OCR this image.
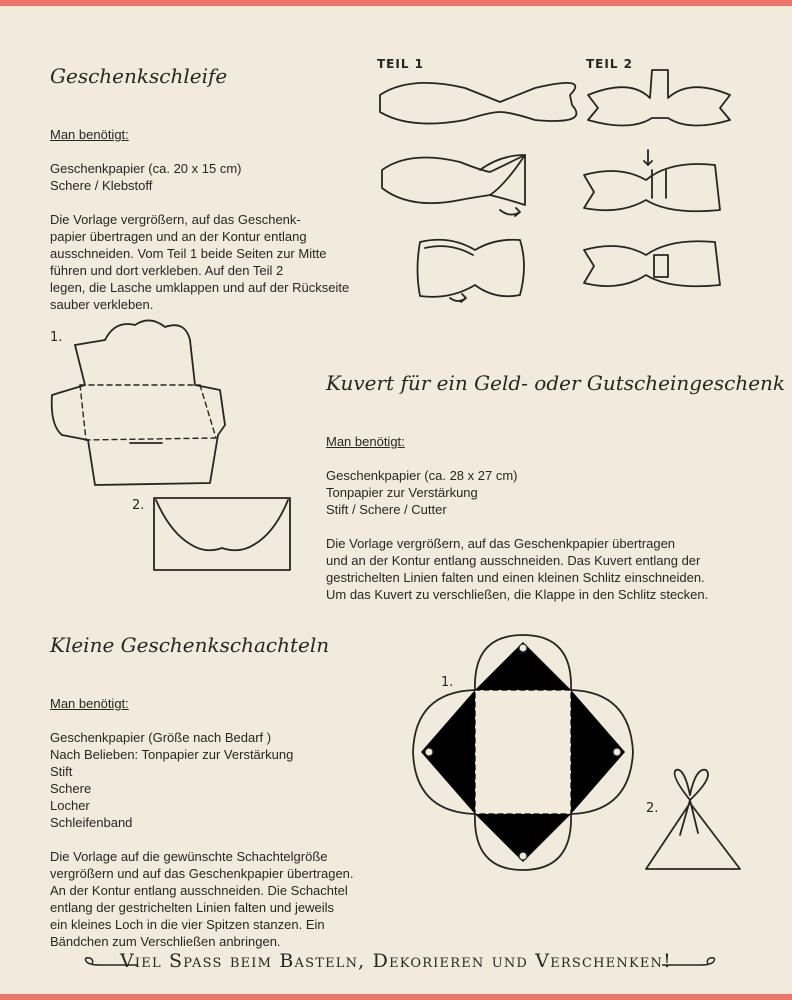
Geschenkschleife

Man benötigt:

Geschenkpapier (ca. 20 x 15 cm)
Schere / Klebstoff

Die Vorlage vergrößern, auf das Geschenk-
papier übertragen und an der Kontur entlang
ausschneiden. Vom Teil 1 beide Seiten zur Mitte
führen und dort verkleben. Auf den Teil 2
legen, die Lasche umklappen und auf der Rückseite
sauber verkleben.

TEIL 1	TEIL 2
1.
2.
Kuvert für ein Geld- oder Gutscheingeschenk

Man benötigt:

Geschenkpapier (ca. 28 x 27 cm)
Tonpapier zur Verstärkung
Stift / Schere / Cutter

Die Vorlage vergrößern, auf das Geschenkpapier übertragen
und an der Kontur entlang ausschneiden. Das Kuvert entlang der
gestrichelten Linien falten und einen kleinen Schlitz einschneiden.
Um das Kuvert zu verschließen, die Klappe in den Schlitz stecken.

Kleine Geschenkschachteln

Man benötigt:

Geschenkpapier (Größe nach Bedarf )
Nach Belieben: Tonpapier zur Verstärkung
Stift
Schere
Locher
Schleifenband

Die Vorlage auf die gewünschte Schachtelgröße
vergrößern und auf das Geschenkpapier übertragen.
An der Kontur entlang ausschneiden. Die Schachtel
entlang der gestrichelten Linien falten und jeweils
ein kleines Loch in die vier Spitzen stanzen. Ein
Bändchen zum Verschließen anbringen.

1.
2.
Viel Spass beim Basteln, Dekorieren und Verschenken!
